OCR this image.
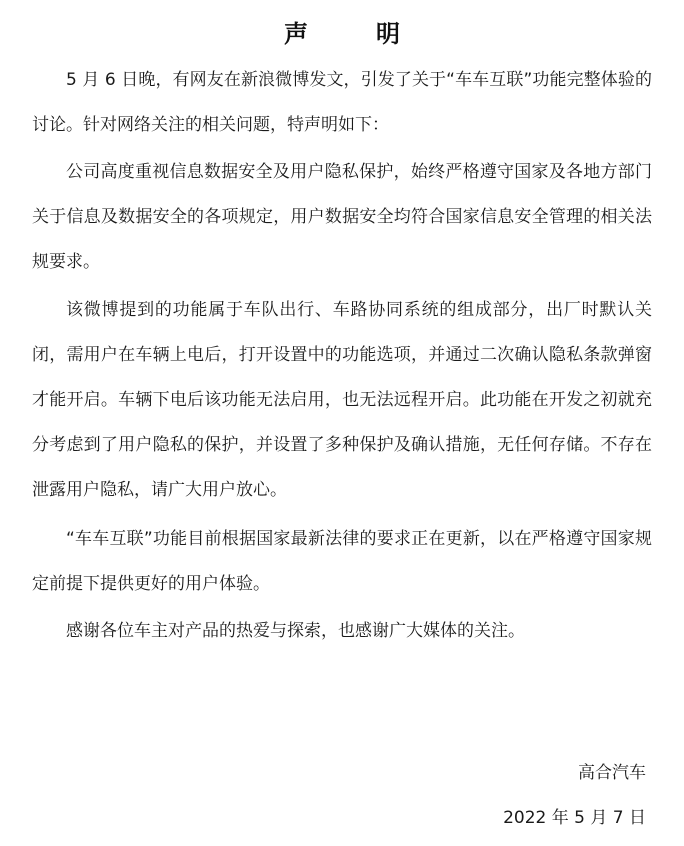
声　明

5 月 6 日晚，有网友在新浪微博发文，引发了关于“车车互联”功能完整体验的讨论。针对网络关注的相关问题，特声明如下：

公司高度重视信息数据安全及用户隐私保护，始终严格遵守国家及各地方部门关于信息及数据安全的各项规定，用户数据安全均符合国家信息安全管理的相关法规要求。

该微博提到的功能属于车队出行、车路协同系统的组成部分，出厂时默认关闭，需用户在车辆上电后，打开设置中的功能选项，并通过二次确认隐私条款弹窗才能开启。车辆下电后该功能无法启用，也无法远程开启。此功能在开发之初就充分考虑到了用户隐私的保护，并设置了多种保护及确认措施，无任何存储。不存在泄露用户隐私，请广大用户放心。

“车车互联”功能目前根据国家最新法律的要求正在更新，以在严格遵守国家规定前提下提供更好的用户体验。

感谢各位车主对产品的热爱与探索，也感谢广大媒体的关注。

高合汽车
2022 年 5 月 7 日
